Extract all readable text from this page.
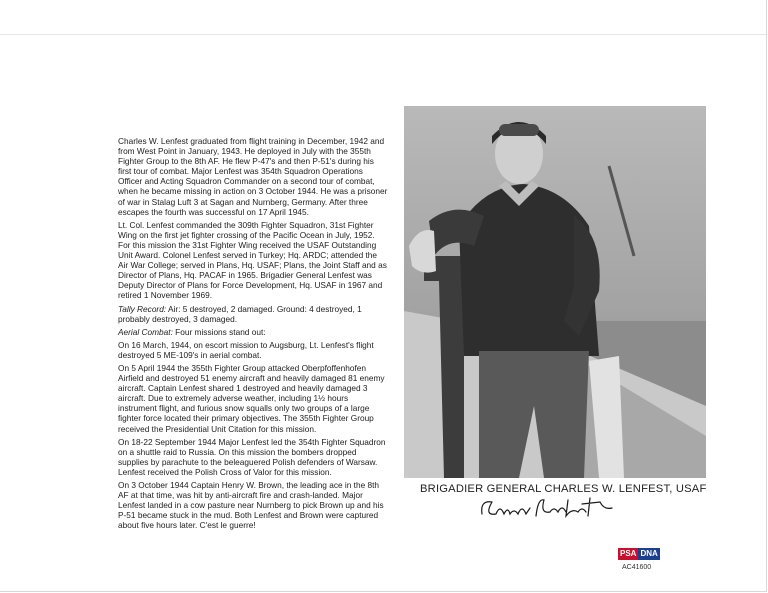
Charles W. Lenfest graduated from flight training in December, 1942 and from West Point in January, 1943. He deployed in July with the 355th Fighter Group to the 8th AF. He flew P-47's and then P-51's during his first tour of combat. Major Lenfest was 354th Squadron Operations Officer and Acting Squadron Commander on a second tour of combat, when he became missing in action on 3 October 1944. He was a prisoner of war in Stalag Luft 3 at Sagan and Nurnberg, Germany. After three escapes the fourth was successful on 17 April 1945.

Lt. Col. Lenfest commanded the 309th Fighter Squadron, 31st Fighter Wing on the first jet fighter crossing of the Pacific Ocean in July, 1952. For this mission the 31st Fighter Wing received the USAF Outstanding Unit Award. Colonel Lenfest served in Turkey; Hq. ARDC; attended the Air War College; served in Plans, Hq. USAF; Plans, the Joint Staff and as Director of Plans, Hq. PACAF in 1965. Brigadier General Lenfest was Deputy Director of Plans for Force Development, Hq. USAF in 1967 and retired 1 November 1969.

Tally Record: Air: 5 destroyed, 2 damaged. Ground: 4 destroyed, 1 probably destroyed, 3 damaged.

Aerial Combat: Four missions stand out:

On 16 March, 1944, on escort mission to Augsburg, Lt. Lenfest's flight destroyed 5 ME-109's in aerial combat.

On 5 April 1944 the 355th Fighter Group attacked Oberpfoffenhofen Airfield and destroyed 51 enemy aircraft and heavily damaged 81 enemy aircraft. Captain Lenfest shared 1 destroyed and heavily damaged 3 aircraft. Due to extremely adverse weather, including 1½ hours instrument flight, and furious snow squalls only two groups of a large fighter force located their primary objectives. The 355th Fighter Group received the Presidential Unit Citation for this mission.

On 18-22 September 1944 Major Lenfest led the 354th Fighter Squadron on a shuttle raid to Russia. On this mission the bombers dropped supplies by parachute to the beleaguered Polish defenders of Warsaw. Lenfest received the Polish Cross of Valor for this mission.

On 3 October 1944 Captain Henry W. Brown, the leading ace in the 8th AF at that time, was hit by anti-aircraft fire and crash-landed. Major Lenfest landed in a cow pasture near Nurnberg to pick Brown up and his P-51 became stuck in the mud. Both Lenfest and Brown were captured about five hours later. C'est le guerre!

BRIGADIER GENERAL CHARLES W. LENFEST, USAF
PSA DNA
AC41600
